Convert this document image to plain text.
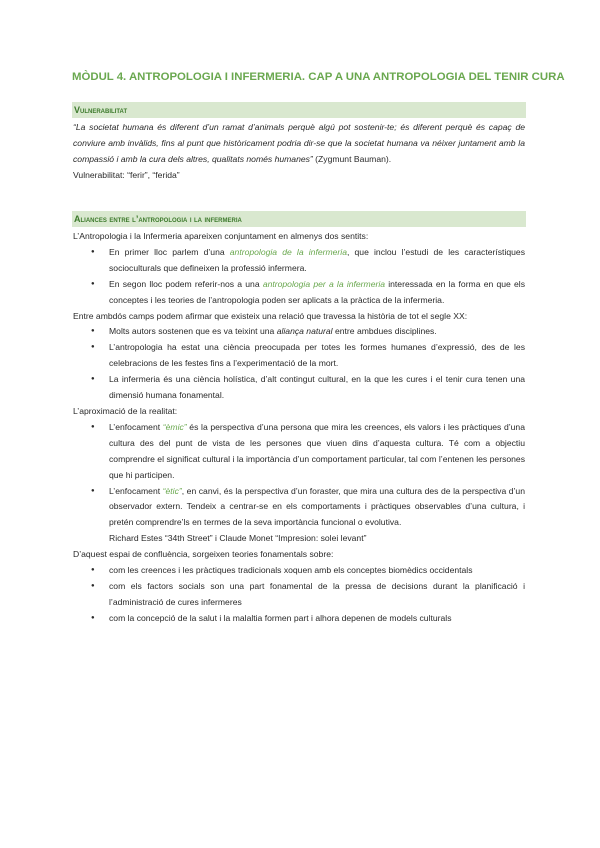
MÒDUL 4. ANTROPOLOGIA I INFERMERIA. CAP A UNA ANTROPOLOGIA DEL TENIR CURA
Vulnerabilitat

“La societat humana és diferent d’un ramat d’animals perquè algú pot sostenir-te; és diferent perquè és capaç de conviure amb invàlids, fins al punt que històricament podria dir-se que la societat humana va néixer juntament amb la compassió i amb la cura dels altres, qualitats només humanes” (Zygmunt Bauman).

Vulnerabilitat: “ferir”, “ferida”

Aliances entre l’antropologia i la infermeria

L’Antropologia i la Infermeria apareixen conjuntament en almenys dos sentits:

● En primer lloc parlem d’una antropologia de la infermeria, que inclou l’estudi de les característiques socioculturals que defineixen la professió infermera.
● En segon lloc podem referir-nos a una antropologia per a la infermeria interessada en la forma en que els conceptes i les teories de l’antropologia poden ser aplicats a la pràctica de la infermeria.

Entre ambdós camps podem afirmar que existeix una relació que travessa la història de tot el segle XX:

● Molts autors sostenen que es va teixint una aliança natural entre ambdues disciplines.
● L’antropologia ha estat una ciència preocupada per totes les formes humanes d’expressió, des de les celebracions de les festes fins a l’experimentació de la mort.
● La infermeria és una ciència holística, d’alt contingut cultural, en la que les cures i el tenir cura tenen una dimensió humana fonamental.

L’aproximació de la realitat:

● L’enfocament “èmic” és la perspectiva d’una persona que mira les creences, els valors i les pràctiques d’una cultura des del punt de vista de les persones que viuen dins d’aquesta cultura. Té com a objectiu comprendre el significat cultural i la importància d’un comportament particular, tal com l’entenen les persones que hi participen.
● L’enfocament “ètic”, en canvi, és la perspectiva d’un foraster, que mira una cultura des de la perspectiva d’un observador extern. Tendeix a centrar-se en els comportaments i pràctiques observables d’una cultura, i pretén comprendre’ls en termes de la seva importància funcional o evolutiva.

Richard Estes “34th Street” i Claude Monet “Impresion: solei levant”

D’aquest espai de confluència, sorgeixen teories fonamentals sobre:

● com les creences i les pràctiques tradicionals xoquen amb els conceptes biomèdics occidentals
● com els factors socials son una part fonamental de la pressa de decisions durant la planificació i l’administració de cures infermeres
● com la concepció de la salut i la malaltia formen part i alhora depenen de models culturals
